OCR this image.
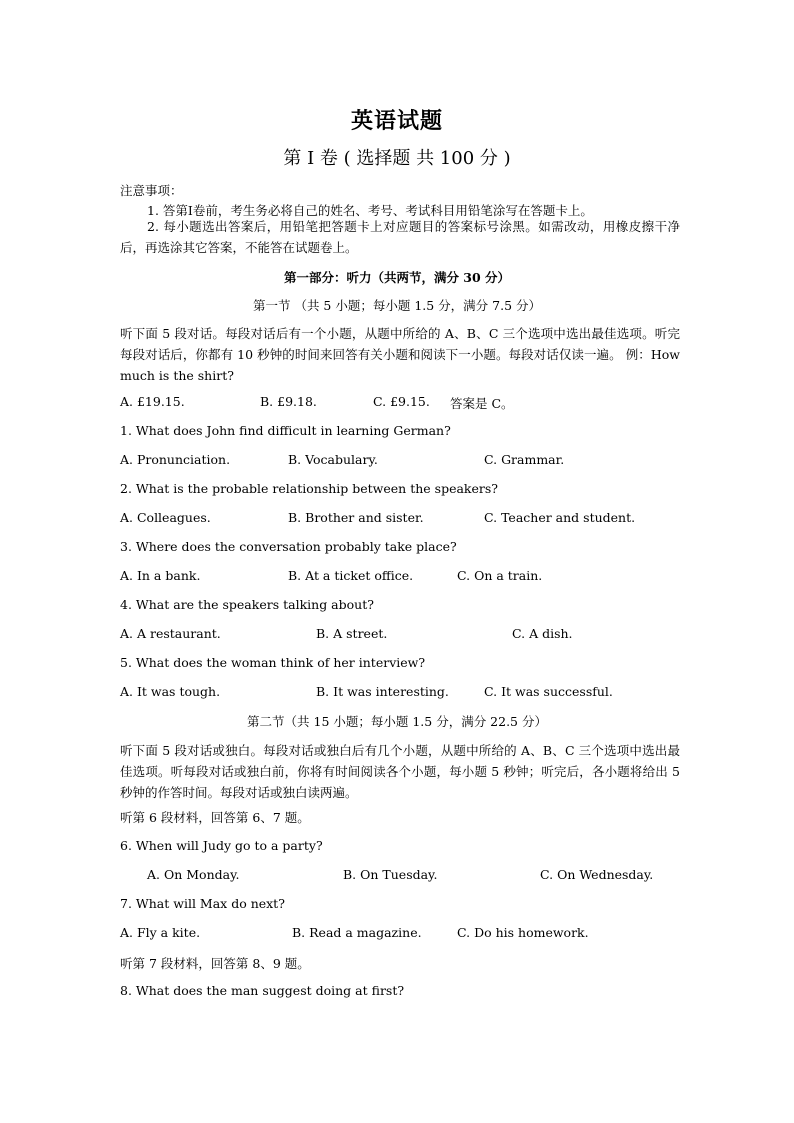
英语试题
第 Ⅰ 卷 ( 选择题 共 100 分 )
注意事项：
1. 答第Ⅰ卷前，考生务必将自己的姓名、考号、考试科目用铅笔涂写在答题卡上。
2. 每小题选出答案后，用铅笔把答题卡上对应题目的答案标号涂黑。如需改动，用橡皮擦干净后，再选涂其它答案，不能答在试题卷上。
第一部分：听力（共两节，满分 30 分）
第一节 （共 5 小题；每小题 1.5 分，满分 7.5 分）
听下面 5 段对话。每段对话后有一个小题，从题中所给的 A、B、C 三个选项中选出最佳选项。听完每段对话后，你都有 10 秒钟的时间来回答有关小题和阅读下一小题。每段对话仅读一遍。 例：How much is the shirt?
A. £19.15.	B. £9.18.	C. £9.15. 答案是 C。
1. What does John find difficult in learning German?
A. Pronunciation.	B. Vocabulary.	C. Grammar.
2. What is the probable relationship between the speakers?
A. Colleagues.	B. Brother and sister.	C. Teacher and student.
3. Where does the conversation probably take place?
A. In a bank.	B. At a ticket office.	C. On a train.
4. What are the speakers talking about?
A. A restaurant.	B. A street.	C. A dish.
5. What does the woman think of her interview?
A. It was tough.	B. It was interesting.	C. It was successful.
第二节（共 15 小题；每小题 1.5 分，满分 22.5 分）
听下面 5 段对话或独白。每段对话或独白后有几个小题，从题中所给的 A、B、C 三个选项中选出最佳选项。听每段对话或独白前，你将有时间阅读各个小题，每小题 5 秒钟；听完后，各小题将给出 5 秒钟的作答时间。每段对话或独白读两遍。
听第 6 段材料，回答第 6、7 题。
6. When will Judy go to a party?
A. On Monday.	B. On Tuesday.	C. On Wednesday.
7. What will Max do next?
A. Fly a kite.	B. Read a magazine.	C. Do his homework.
听第 7 段材料，回答第 8、9 题。
8. What does the man suggest doing at first?
